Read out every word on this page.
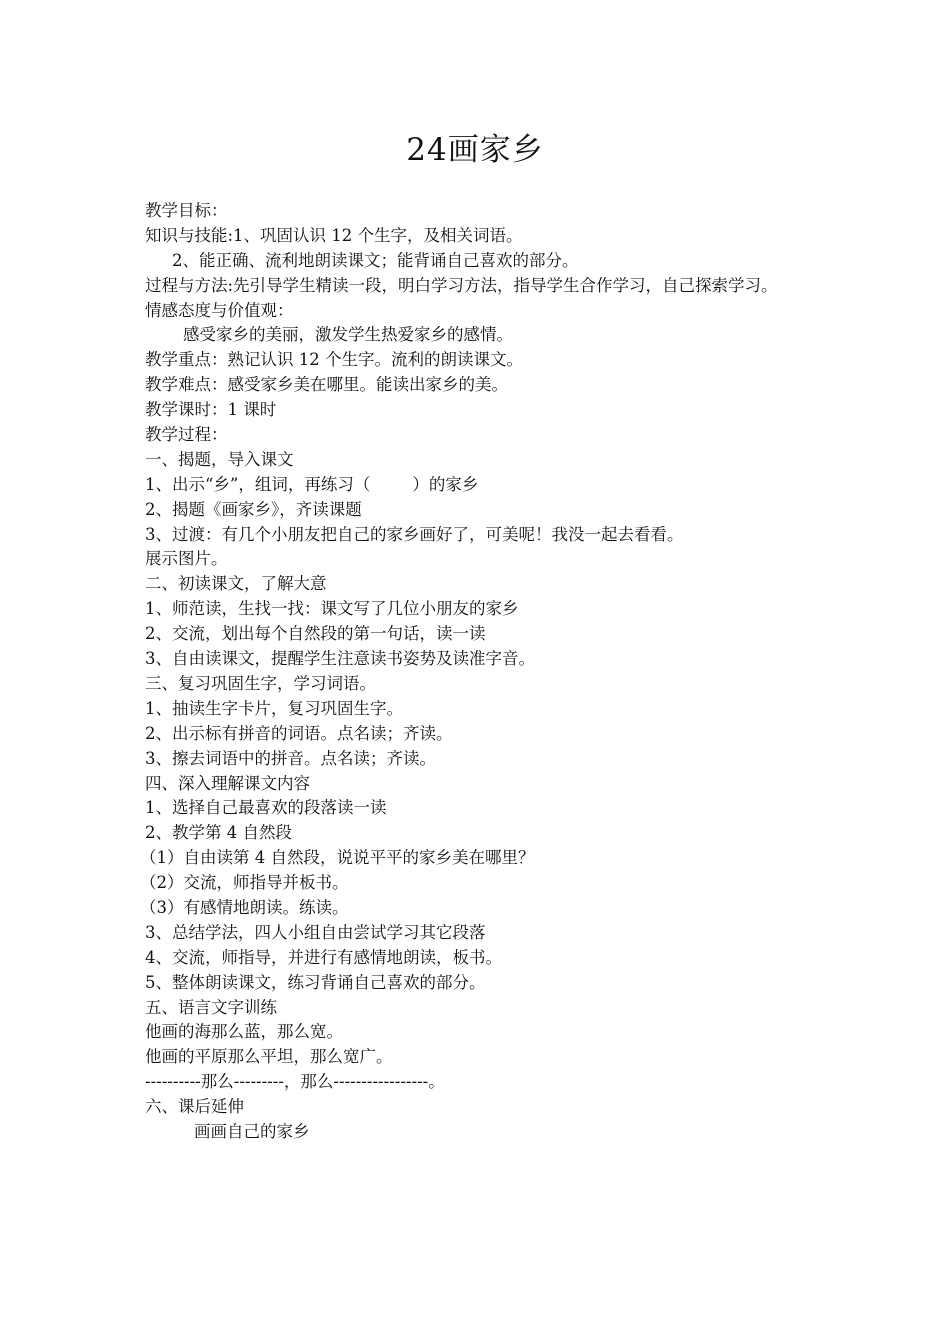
24画家乡
教学目标：
知识与技能:1、巩固认识 12 个生字，及相关词语。
2、能正确、流利地朗读课文；能背诵自己喜欢的部分。
过程与方法:先引导学生精读一段，明白学习方法，指导学生合作学习，自己探索学习。
情感态度与价值观：
感受家乡的美丽，激发学生热爱家乡的感情。
教学重点：熟记认识 12 个生字。流利的朗读课文。
教学难点：感受家乡美在哪里。能读出家乡的美。
教学课时：1 课时
教学过程：
一、揭题，导入课文
1、出示“乡”，组词，再练习（        ）的家乡
2、揭题《画家乡》，齐读课题
3、过渡：有几个小朋友把自己的家乡画好了，可美呢！我没一起去看看。
展示图片。
二、初读课文，了解大意
1、师范读，生找一找：课文写了几位小朋友的家乡
2、交流，划出每个自然段的第一句话，读一读
3、自由读课文，提醒学生注意读书姿势及读准字音。
三、复习巩固生字，学习词语。
1、抽读生字卡片，复习巩固生字。
2、出示标有拼音的词语。点名读；齐读。
3、擦去词语中的拼音。点名读；齐读。
四、深入理解课文内容
1、选择自己最喜欢的段落读一读
2、教学第 4 自然段
（1）自由读第 4 自然段，说说平平的家乡美在哪里？
（2）交流，师指导并板书。
（3）有感情地朗读。练读。
3、总结学法，四人小组自由尝试学习其它段落
4、交流，师指导，并进行有感情地朗读，板书。
5、整体朗读课文，练习背诵自己喜欢的部分。
五、语言文字训练
他画的海那么蓝，那么宽。
他画的平原那么平坦，那么宽广。
----------那么---------，那么-----------------。
六、课后延伸
画画自己的家乡
